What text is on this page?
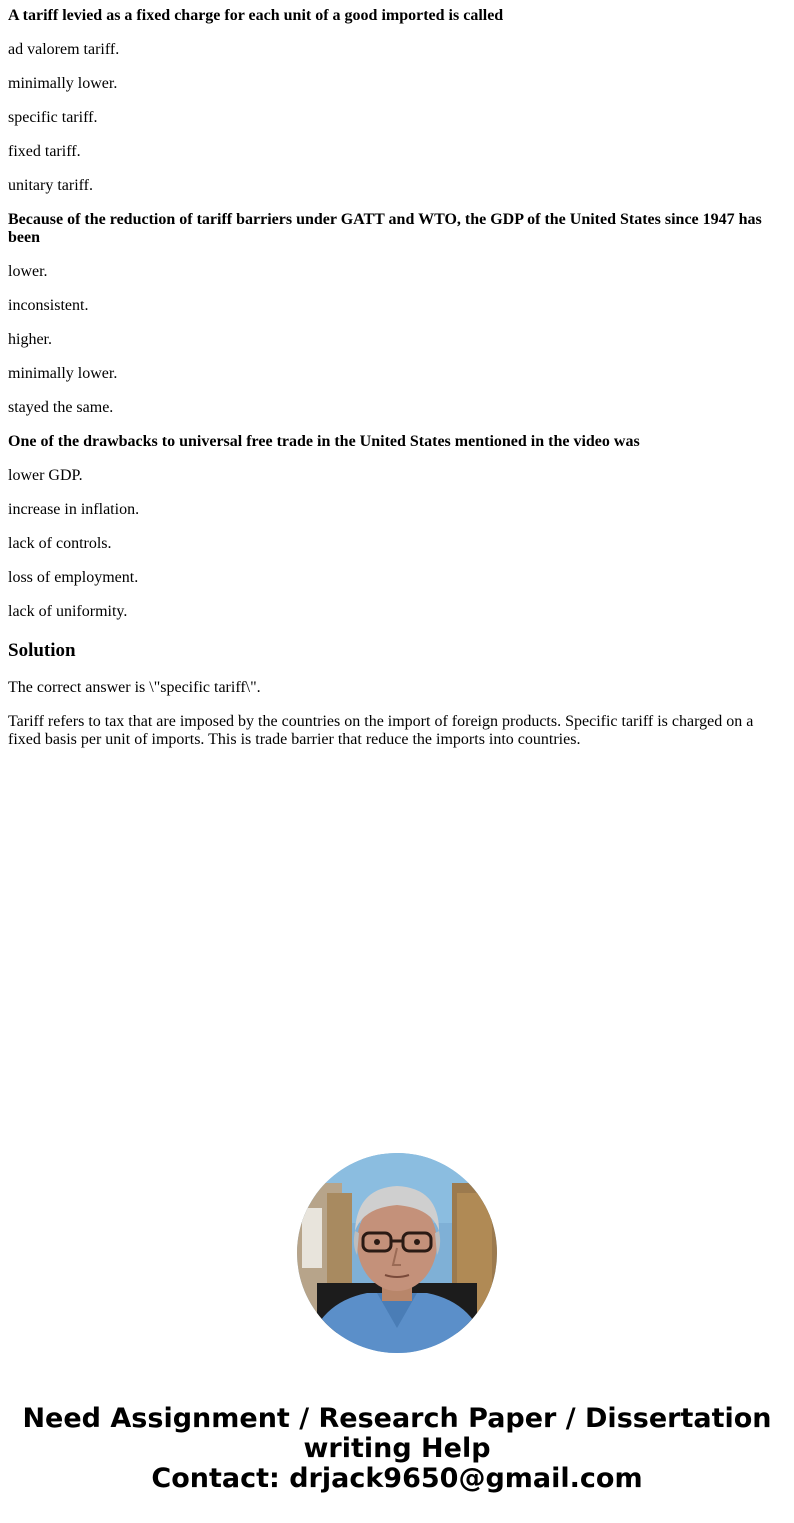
A tariff levied as a fixed charge for each unit of a good imported is called
ad valorem tariff.
minimally lower.
specific tariff.
fixed tariff.
unitary tariff.
Because of the reduction of tariff barriers under GATT and WTO, the GDP of the United States since 1947 has been
lower.
inconsistent.
higher.
minimally lower.
stayed the same.
One of the drawbacks to universal free trade in the United States mentioned in the video was
lower GDP.
increase in inflation.
lack of controls.
loss of employment.
lack of uniformity.
Solution
The correct answer is \"specific tariff\".
Tariff refers to tax that are imposed by the countries on the import of foreign products. Specific tariff is charged on a fixed basis per unit of imports. This is trade barrier that reduce the imports into countries.
Need Assignment / Research Paper / Dissertation writing Help
Contact: drjack9650@gmail.com
